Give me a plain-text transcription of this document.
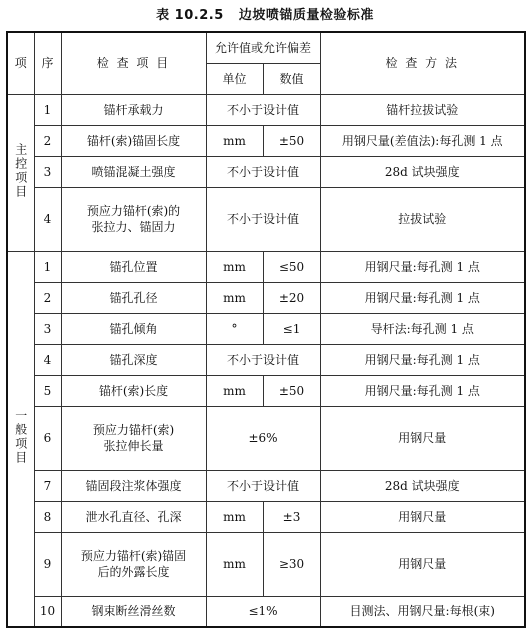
表 10.2.5   边坡喷锚质量检验标准
项	序	检 查 项 目	允许值或允许偏差		检 查 方 法
			单位	数值	
主控项目	1	锚杆承载力	不小于设计值		锚杆拉拔试验
	2	锚杆(索)锚固长度	mm	±50	用钢尺量(差值法):每孔测 1 点
	3	喷锚混凝土强度	不小于设计值		28d 试块强度
	4	预应力锚杆(索)的
张拉力、锚固力	不小于设计值		拉拔试验
一般项目	1	锚孔位置	mm	≤50	用钢尺量:每孔测 1 点
	2	锚孔孔径	mm	±20	用钢尺量:每孔测 1 点
	3	锚孔倾角	°	≤1	导杆法:每孔测 1 点
	4	锚孔深度	不小于设计值		用钢尺量:每孔测 1 点
	5	锚杆(索)长度	mm	±50	用钢尺量:每孔测 1 点
	6	预应力锚杆(索)
张拉伸长量	±6%		用钢尺量
	7	锚固段注浆体强度	不小于设计值		28d 试块强度
	8	泄水孔直径、孔深	mm	±3	用钢尺量
	9	预应力锚杆(索)锚固
后的外露长度	mm	≥30	用钢尺量
	10	钢束断丝滑丝数	≤1%		目测法、用钢尺量:每根(束)
